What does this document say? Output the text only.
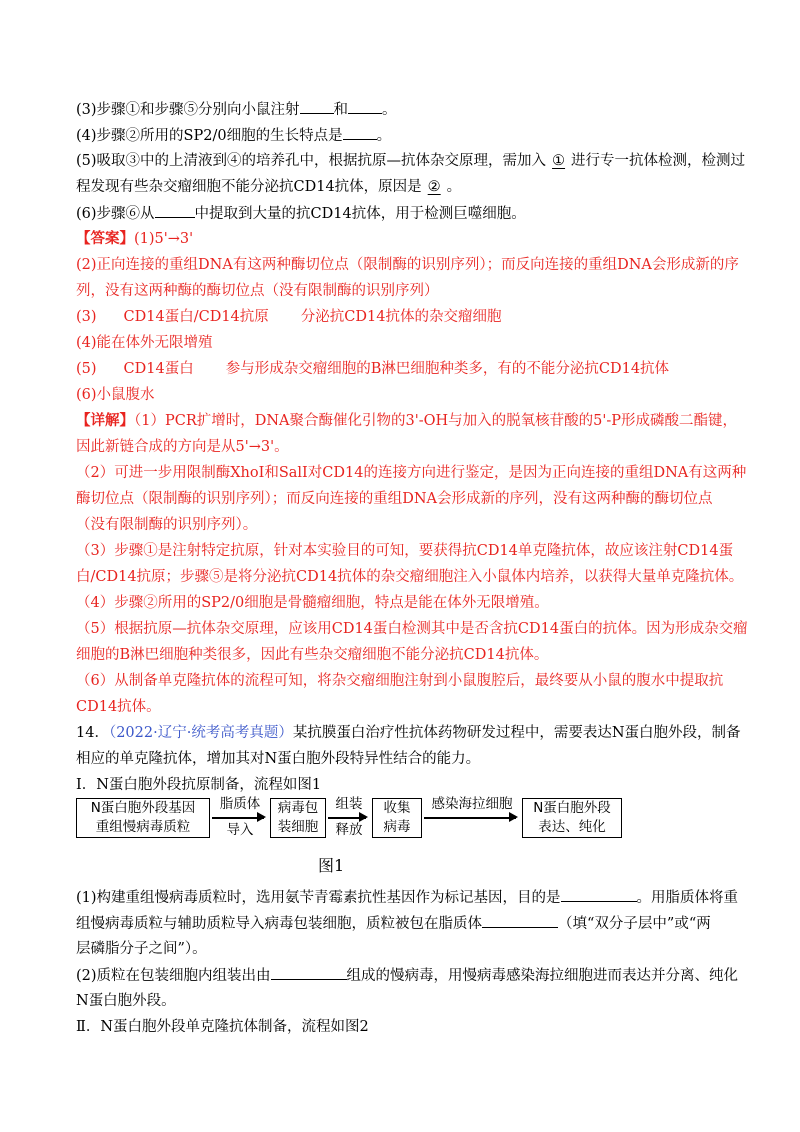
(3)步骤①和步骤⑤分别向小鼠注射 和 。
(4)步骤②所用的SP2/0细胞的生长特点是 。
(5)吸取③中的上清液到④的培养孔中，根据抗原—抗体杂交原理，需加入 ① 进行专一抗体检测，检测过
程发现有些杂交瘤细胞不能分泌抗CD14抗体，原因是 ② 。
(6)步骤⑥从	中提取到大量的抗CD14抗体，用于检测巨噬细胞。
【答案】(1)5'→3'
(2)正向连接的重组DNA有这两种酶切位点（限制酶的识别序列）；而反向连接的重组DNA会形成新的序
列，没有这两种酶的酶切位点（没有限制酶的识别序列）
(3) CD14蛋白/CD14抗原 分泌抗CD14抗体的杂交瘤细胞
(4)能在体外无限增殖
(5) CD14蛋白 参与形成杂交瘤细胞的B淋巴细胞种类多，有的不能分泌抗CD14抗体
(6)小鼠腹水
【详解】（1）PCR扩增时，DNA聚合酶催化引物的3'-OH与加入的脱氧核苷酸的5'-P形成磷酸二酯键，
因此新链合成的方向是从5'→3'。
（2）可进一步用限制酶XhoI和SalI对CD14的连接方向进行鉴定，是因为正向连接的重组DNA有这两种
酶切位点（限制酶的识别序列）；而反向连接的重组DNA会形成新的序列，没有这两种酶的酶切位点
（没有限制酶的识别序列）。
（3）步骤①是注射特定抗原，针对本实验目的可知，要获得抗CD14单克隆抗体，故应该注射CD14蛋
白/CD14抗原；步骤⑤是将分泌抗CD14抗体的杂交瘤细胞注入小鼠体内培养，以获得大量单克隆抗体。
（4）步骤②所用的SP2/0细胞是骨髓瘤细胞，特点是能在体外无限增殖。
（5）根据抗原—抗体杂交原理，应该用CD14蛋白检测其中是否含抗CD14蛋白的抗体。因为形成杂交瘤
细胞的B淋巴细胞种类很多，因此有些杂交瘤细胞不能分泌抗CD14抗体。
（6）从制备单克隆抗体的流程可知，将杂交瘤细胞注射到小鼠腹腔后，最终要从小鼠的腹水中提取抗
CD14抗体。
14．（2022·辽宁·统考高考真题）某抗膜蛋白治疗性抗体药物研发过程中，需要表达N蛋白胞外段，制备
相应的单克隆抗体，增加其对N蛋白胞外段特异性结合的能力。
Ⅰ．N蛋白胞外段抗原制备，流程如图1
N蛋白胞外段基因
重组慢病毒质粒
脂质体
导入
病毒包
装细胞
组装
释放
收集
病毒
感染海拉细胞	N蛋白胞外段
表达、纯化
图1
(1)构建重组慢病毒质粒时，选用氨苄青霉素抗性基因作为标记基因，目的是	。用脂质体将重
组慢病毒质粒与辅助质粒导入病毒包装细胞，质粒被包在脂质体	（填“双分子层中”或“两
层磷脂分子之间”）。
(2)质粒在包装细胞内组装出由	组成的慢病毒，用慢病毒感染海拉细胞进而表达并分离、纯化
N蛋白胞外段。
Ⅱ．N蛋白胞外段单克隆抗体制备，流程如图2
